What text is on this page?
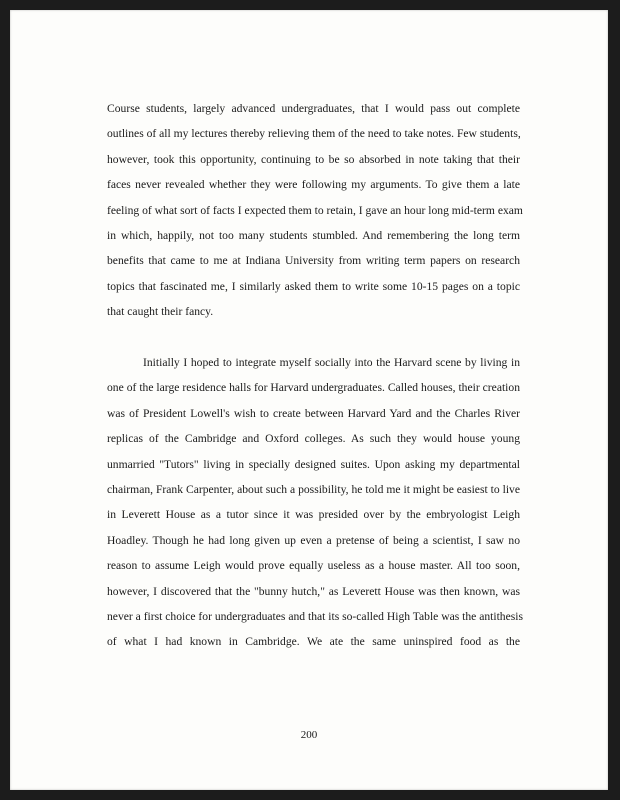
Course students, largely advanced undergraduates, that I would pass out complete
outlines of all my lectures thereby relieving them of the need to take notes. Few students,
however, took this opportunity, continuing to be so absorbed in note taking that their
faces never revealed whether they were following my arguments. To give them a late
feeling of what sort of facts I expected them to retain, I gave an hour long mid-term exam
in which, happily, not too many students stumbled. And remembering the long term
benefits that came to me at Indiana University from writing term papers on research
topics that fascinated me, I similarly asked them to write some 10-15 pages on a topic
that caught their fancy.
Initially I hoped to integrate myself socially into the Harvard scene by living in
one of the large residence halls for Harvard undergraduates. Called houses, their creation
was of President Lowell's wish to create between Harvard Yard and the Charles River
replicas of the Cambridge and Oxford colleges. As such they would house young
unmarried "Tutors" living in specially designed suites. Upon asking my departmental
chairman, Frank Carpenter, about such a possibility, he told me it might be easiest to live
in Leverett House as a tutor since it was presided over by the embryologist Leigh
Hoadley. Though he had long given up even a pretense of being a scientist, I saw no
reason to assume Leigh would prove equally useless as a house master. All too soon,
however, I discovered that the "bunny hutch," as Leverett House was then known, was
never a first choice for undergraduates and that its so-called High Table was the antithesis
of what I had known in Cambridge. We ate the same uninspired food as the
200
